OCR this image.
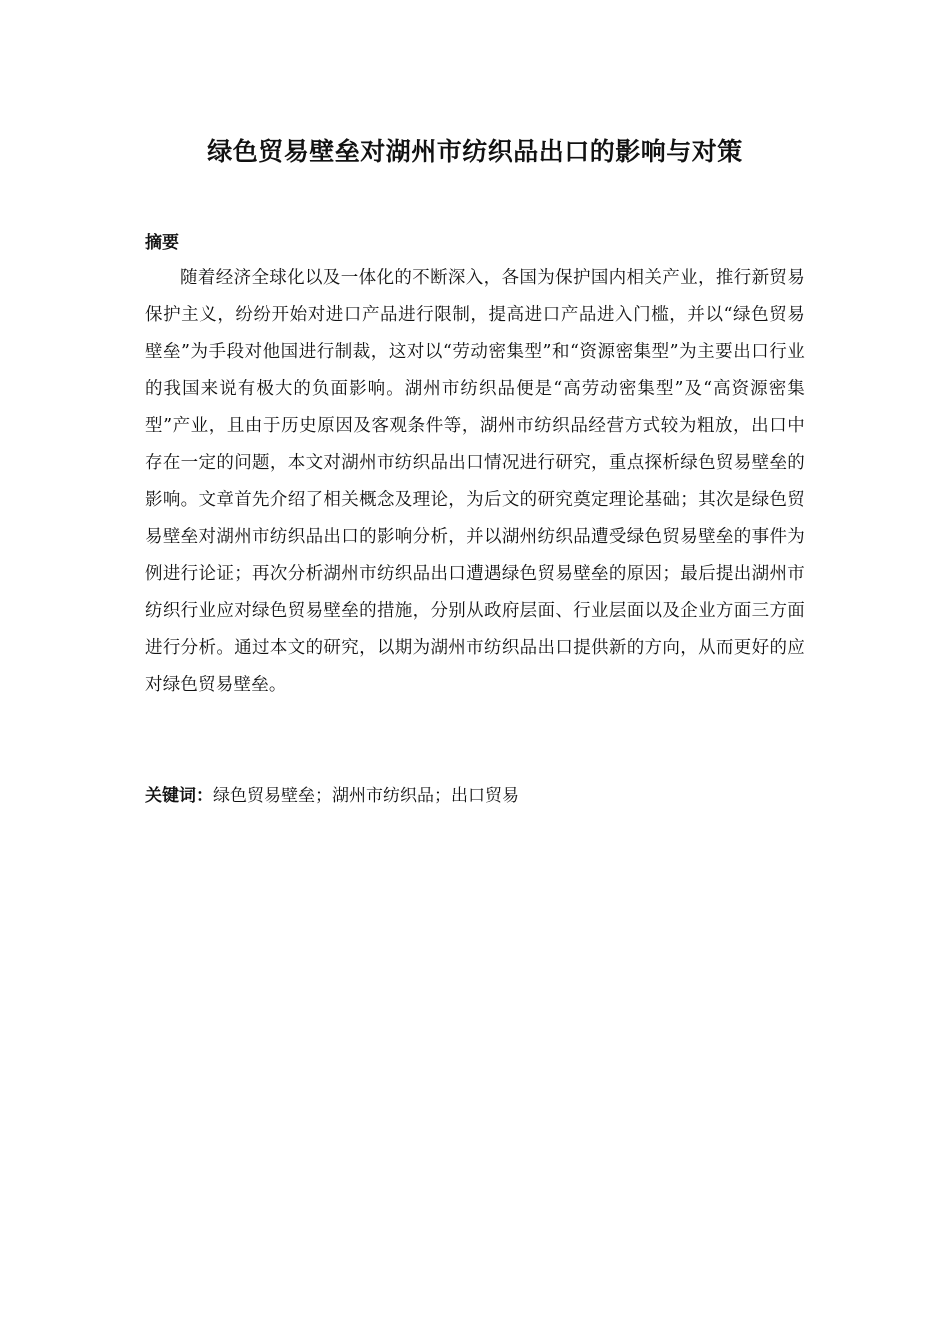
绿色贸易壁垒对湖州市纺织品出口的影响与对策
摘要

随着经济全球化以及一体化的不断深入，各国为保护国内相关产业，推行新贸易保护主义，纷纷开始对进口产品进行限制，提高进口产品进入门槛，并以“绿色贸易壁垒”为手段对他国进行制裁，这对以“劳动密集型”和“资源密集型”为主要出口行业的我国来说有极大的负面影响。湖州市纺织品便是“高劳动密集型”及“高资源密集型”产业，且由于历史原因及客观条件等，湖州市纺织品经营方式较为粗放，出口中存在一定的问题，本文对湖州市纺织品出口情况进行研究，重点探析绿色贸易壁垒的影响。文章首先介绍了相关概念及理论，为后文的研究奠定理论基础；其次是绿色贸易壁垒对湖州市纺织品出口的影响分析，并以湖州纺织品遭受绿色贸易壁垒的事件为例进行论证；再次分析湖州市纺织品出口遭遇绿色贸易壁垒的原因；最后提出湖州市纺织行业应对绿色贸易壁垒的措施，分别从政府层面、行业层面以及企业方面三方面进行分析。通过本文的研究，以期为湖州市纺织品出口提供新的方向，从而更好的应对绿色贸易壁垒。

关键词：绿色贸易壁垒；湖州市纺织品；出口贸易
